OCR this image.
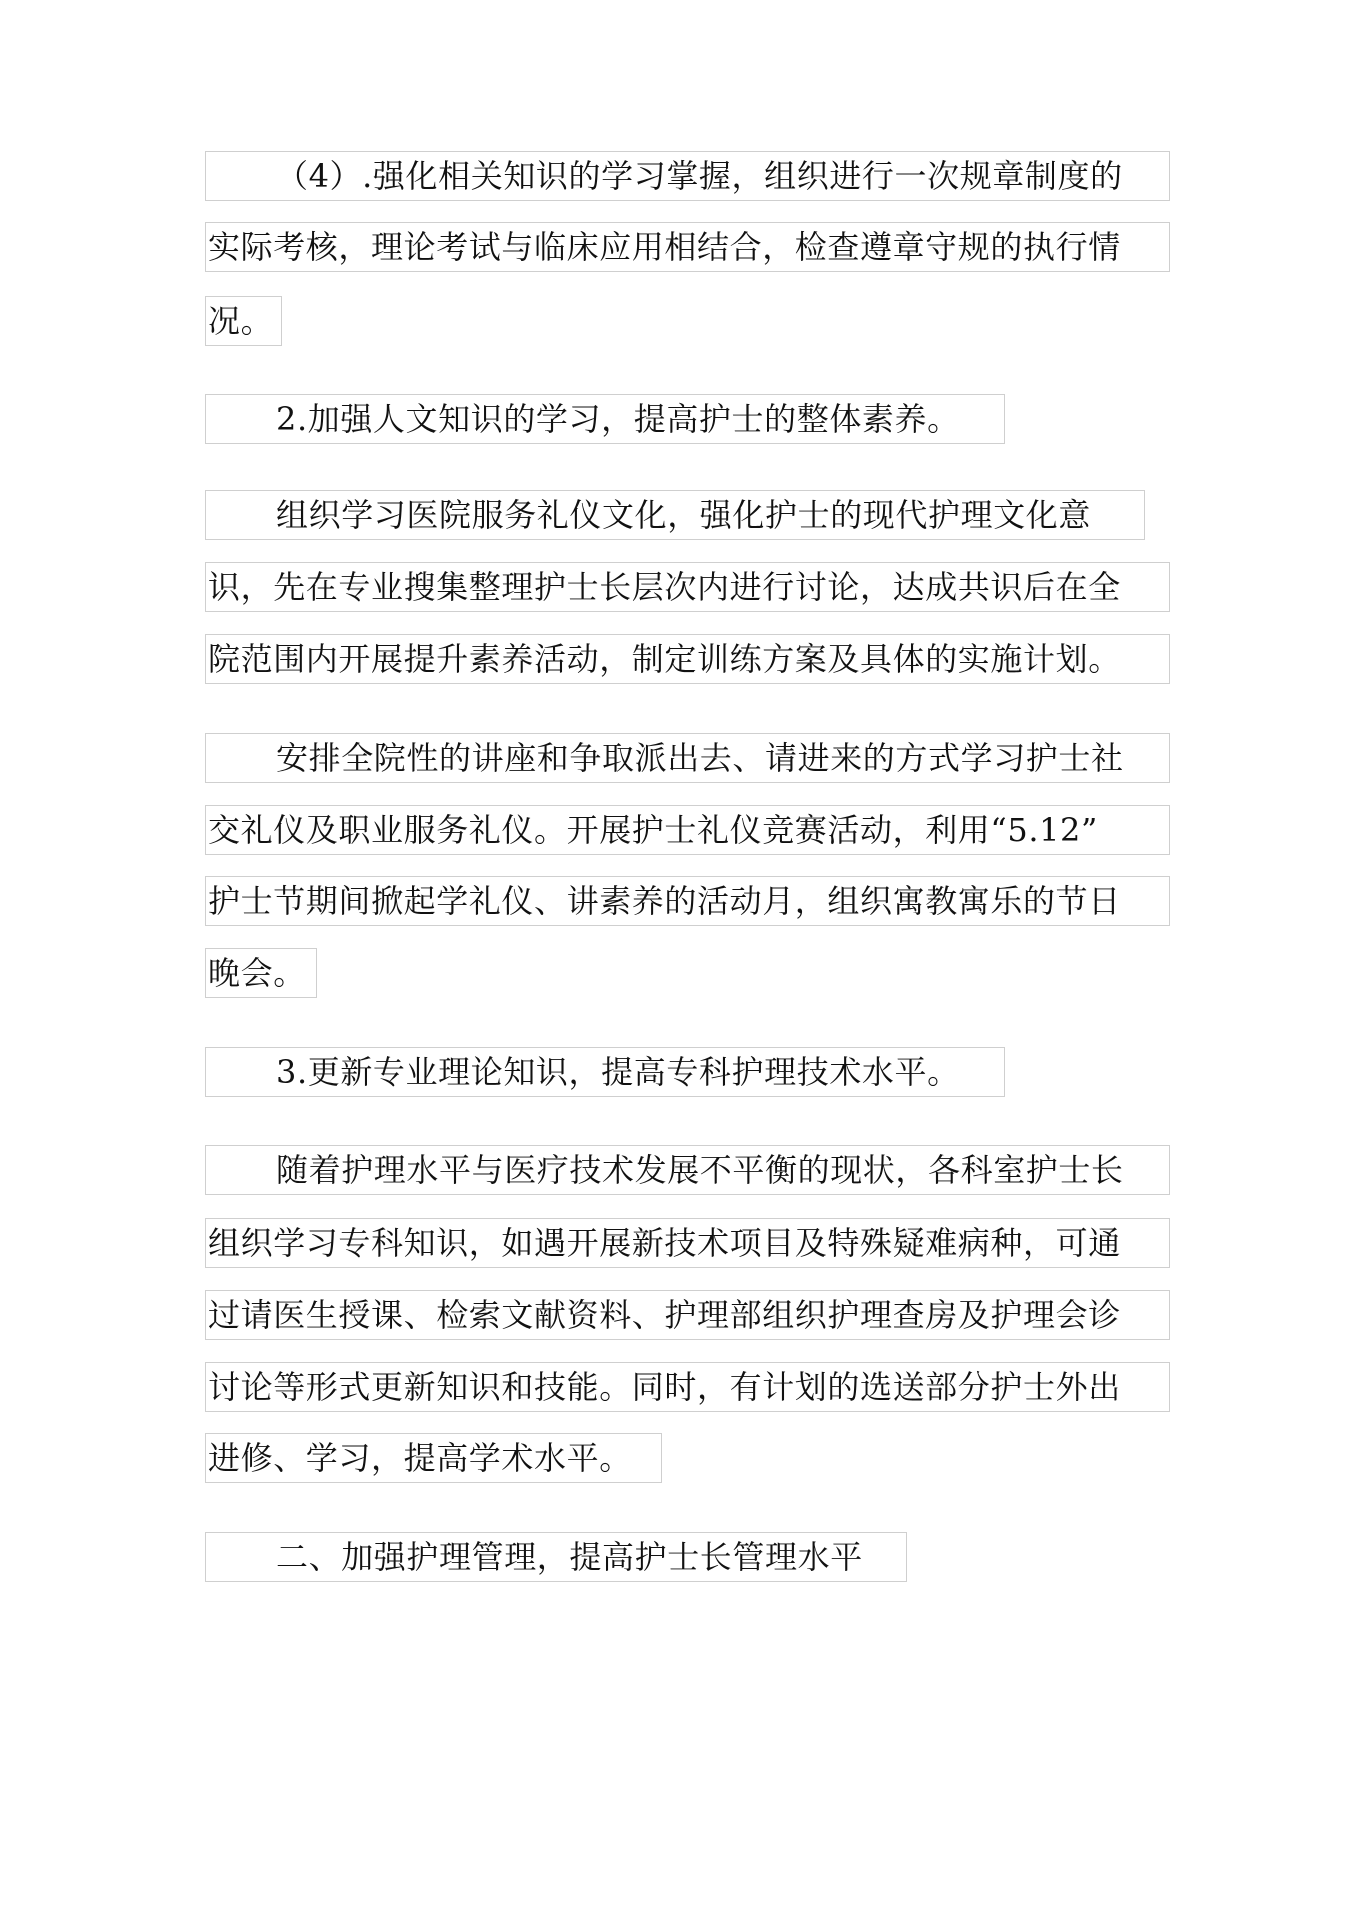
（4）.强化相关知识的学习掌握，组织进行一次规章制度的
实际考核，理论考试与临床应用相结合，检查遵章守规的执行情
况。
2.加强人文知识的学习，提高护士的整体素养。
组织学习医院服务礼仪文化，强化护士的现代护理文化意
识，先在专业搜集整理护士长层次内进行讨论，达成共识后在全
院范围内开展提升素养活动，制定训练方案及具体的实施计划。
安排全院性的讲座和争取派出去、请进来的方式学习护士社
交礼仪及职业服务礼仪。开展护士礼仪竞赛活动，利用“5.12”
护士节期间掀起学礼仪、讲素养的活动月，组织寓教寓乐的节日
晚会。
3.更新专业理论知识，提高专科护理技术水平。
随着护理水平与医疗技术发展不平衡的现状，各科室护士长
组织学习专科知识，如遇开展新技术项目及特殊疑难病种，可通
过请医生授课、检索文献资料、护理部组织护理查房及护理会诊
讨论等形式更新知识和技能。同时，有计划的选送部分护士外出
进修、学习，提高学术水平。
二、加强护理管理，提高护士长管理水平
